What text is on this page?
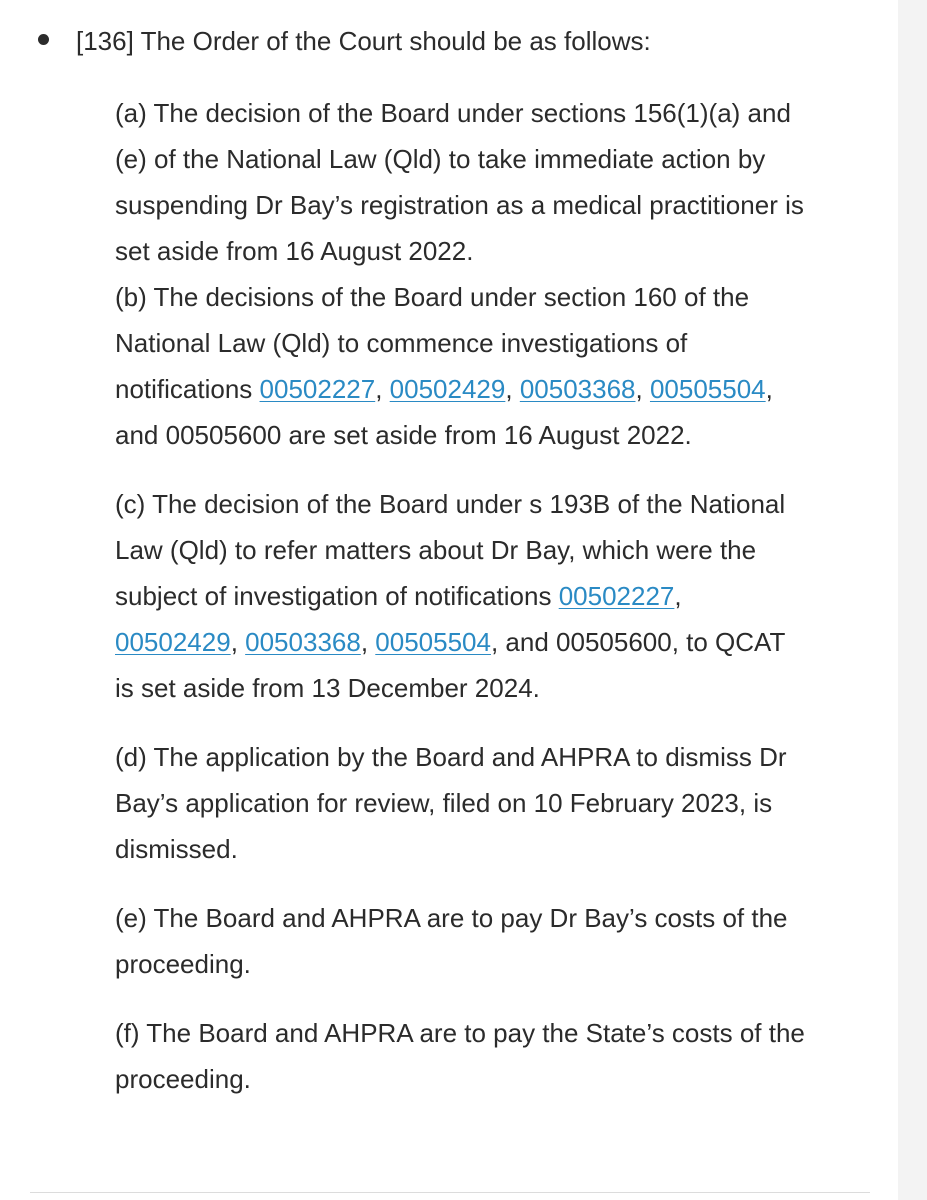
[136] The Order of the Court should be as follows:

(a) The decision of the Board under sections 156(1)(a) and (e) of the National Law (Qld) to take immediate action by suspending Dr Bay’s registration as a medical practitioner is set aside from 16 August 2022.

(b) The decisions of the Board under section 160 of the National Law (Qld) to commence investigations of notifications 00502227, 00502429, 00503368, 00505504, and 00505600 are set aside from 16 August 2022.

(c) The decision of the Board under s 193B of the National Law (Qld) to refer matters about Dr Bay, which were the subject of investigation of notifications 00502227, 00502429, 00503368, 00505504, and 00505600, to QCAT is set aside from 13 December 2024.

(d) The application by the Board and AHPRA to dismiss Dr Bay’s application for review, filed on 10 February 2023, is dismissed.

(e) The Board and AHPRA are to pay Dr Bay’s costs of the proceeding.

(f) The Board and AHPRA are to pay the State’s costs of the proceeding.
